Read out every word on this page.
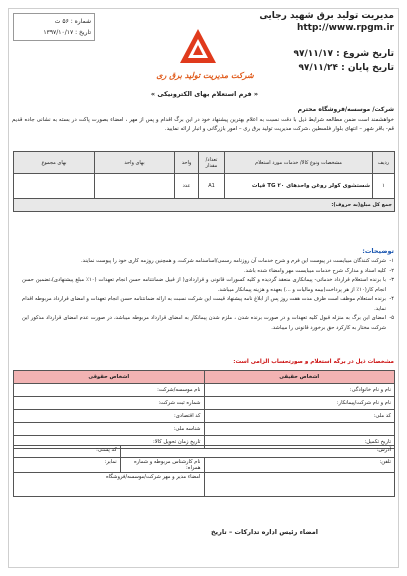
مدیریت تولید برق شهید رجایی
http://www.rpgm.ir
تاریخ شروع : ۹۷/۱۱/۱۷
تاریخ پایان : ۹۷/۱۱/۲۴
شماره : ۵۶ ت
تاریخ : ۱۳۹۷/۱۰/۱۷
شرکت مدیریت تولید برق ری
« فرم استعلام بهای الکترونیکی »
شرکت/ موسسه/فروشگاه محترم
خواهشمند است ضمن مطالعه شرایط ذیل با دقت نسبت به اعلام بهترین پیشنهاد خود در این برگ اقدام و پس از مهر ، امضاء بصورت پاکت در بسته به نشانی جاده قدیم قم- باقر شهر – انتهای بلوار فلسطین ،شرکت مدیریت تولید برق ری – امور بازرگانی و انبار ارائه نمایید.
ردیف	مشخصات ونوع کالا/ خدمات مورد استعلام	تعداد/ مقدار	واحد	بهای واحد	بهای مجموع
۱	شستشوی کولر روغن واحدهای ۲۰ TG قیات	A1	عدد		
جمع کل مبلغ(به حروف):					
توضیحات:
۱-
شرکت کنندگان میبایست در پیوست این فرم و شرح خدمات آن روزنامه رسمی/اساسنامه شرکت، و همچنین روزمه کاری خود را پیوست نمایند.
۲-
کلیه اسناد و مدارک شرح خدمات میبایست مهر وامضاء شده باشد.
۳-
با برنده استعلام قرارداد خدماتی- پیمانکاری منعقد گردیده و کلیه کسورات قانونی و قراردادی( از قبیل ضمانتنامه حسن انجام تعهدات (۱۰٪ مبلغ پیشنهادی)،تضمین حسن انجام کار(۱۰٪ از هر پرداخت)بیمه ومالیات و ...) بعهده و هزینه پیمانکار میباشد.
۴-
برنده استعلام موظف است ظرف مدت هفت روز پس از ابلاغ نامه پیشنهاد قیمت این شرکت نسبت به ارائه ضمانتنامه حسن انجام تعهدات و امضای قرارداد مربوطه اقدام نماید.
۵-
امضای این برگ به منزله قبول کلیه تعهدات و در صورت برنده شدن ، ملزم شدن پیمانکار به امضای قرارداد مربوطه میباشد، در صورت عدم امضای قرارداد مذکور این شرکت مختار به کارکرد حق برخورد قانونی را میباشد.
مشخصات ذیل در برگه استعلام و صورتحساب الزامی است:
اشخاص حقیقی	اشخاص حقوقی
نام و نام خانوادگی:	نام موسسه/شرکت:
نام و نام شرکت/پیمانکار:	شماره ثبت شرکت:
کد ملی:	کد اقتصادی:
	شناسه ملی:
تاریخ تکمیل:	تاریخ زمان تحویل کالا:
آدرس:		کد پستی:
تلفن:	نام کارشناس مربوطه و شماره همراه:	نمابر:
	امضاء مدیر و مهر شرکت/موسسه/فروشگاه	
امضاء رئیس اداره تدارکات – تاریخ
